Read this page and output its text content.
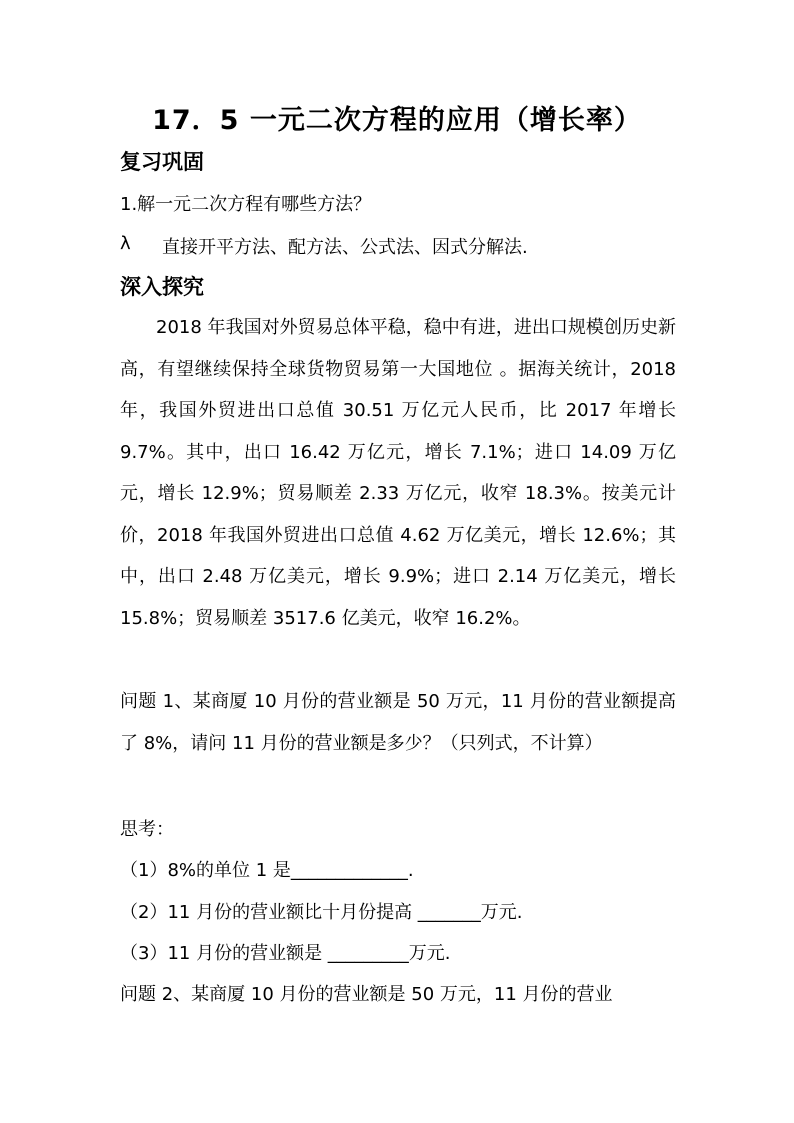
17．5 一元二次方程的应用（增长率）
复习巩固
1.解一元二次方程有哪些方法？
λ 直接开平方法、配方法、公式法、因式分解法.
深入探究
2018 年我国对外贸易总体平稳，稳中有进，进出口规模创历史新高，有望继续保持全球货物贸易第一大国地位 。据海关统计，2018 年，我国外贸进出口总值 30.51 万亿元人民币，比 2017 年增长 9.7%。其中，出口 16.42 万亿元，增长 7.1%；进口 14.09 万亿元，增长 12.9%；贸易顺差 2.33 万亿元，收窄 18.3%。按美元计价，2018 年我国外贸进出口总值 4.62 万亿美元，增长 12.6%；其中，出口 2.48 万亿美元，增长 9.9%；进口 2.14 万亿美元，增长 15.8%；贸易顺差 3517.6 亿美元，收窄 16.2%。
问题 1、某商厦 10 月份的营业额是 50 万元，11 月份的营业额提高了 8%，请问 11 月份的营业额是多少？（只列式，不计算）
思考：
（1）8%的单位 1 是_____________.
（2）11 月份的营业额比十月份提高 _______万元.
（3）11 月份的营业额是 _________万元.
问题 2、某商厦 10 月份的营业额是 50 万元，11 月份的营业
